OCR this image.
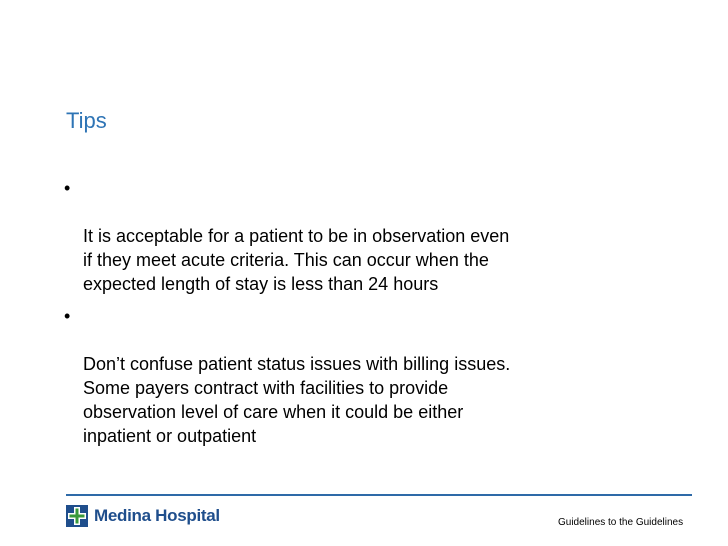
Tips

•

It is acceptable for a patient to be in observation even
if they meet acute criteria. This can occur when the
expected length of stay is less than 24 hours

•

Don’t confuse patient status issues with billing issues.
Some payers contract with facilities to provide
observation level of care when it could be either
inpatient or outpatient

Medina Hospital	Guidelines to the Guidelines
